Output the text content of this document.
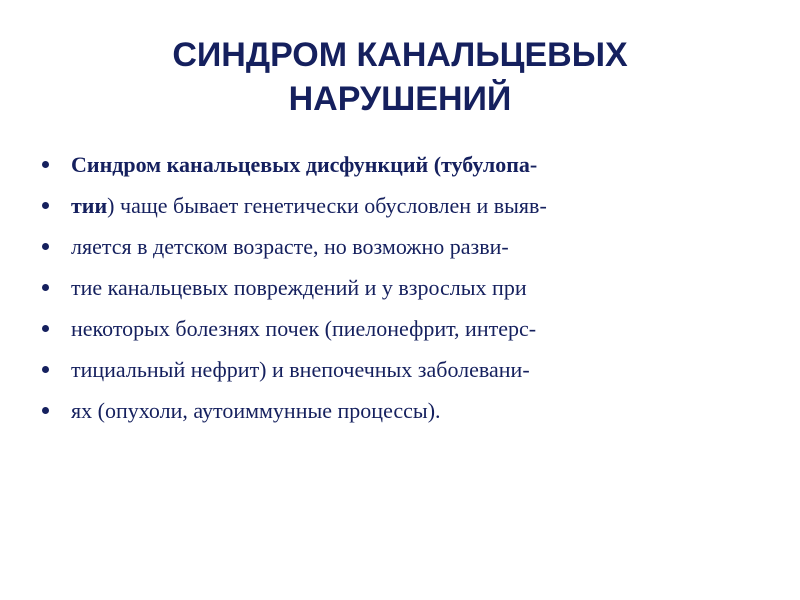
СИНДРОМ КАНАЛЬЦЕВЫХ
НАРУШЕНИЙ
Синдром канальцевых дисфункций (тубулопа-
тии) чаще бывает генетически обусловлен и выяв-
ляется в детском возрасте, но возможно разви-
тие канальцевых повреждений и у взрослых при
некоторых болезнях почек (пиелонефрит, интерс-
тициальный нефрит) и внепочечных заболевани-
ях (опухоли, аутоиммунные процессы).
